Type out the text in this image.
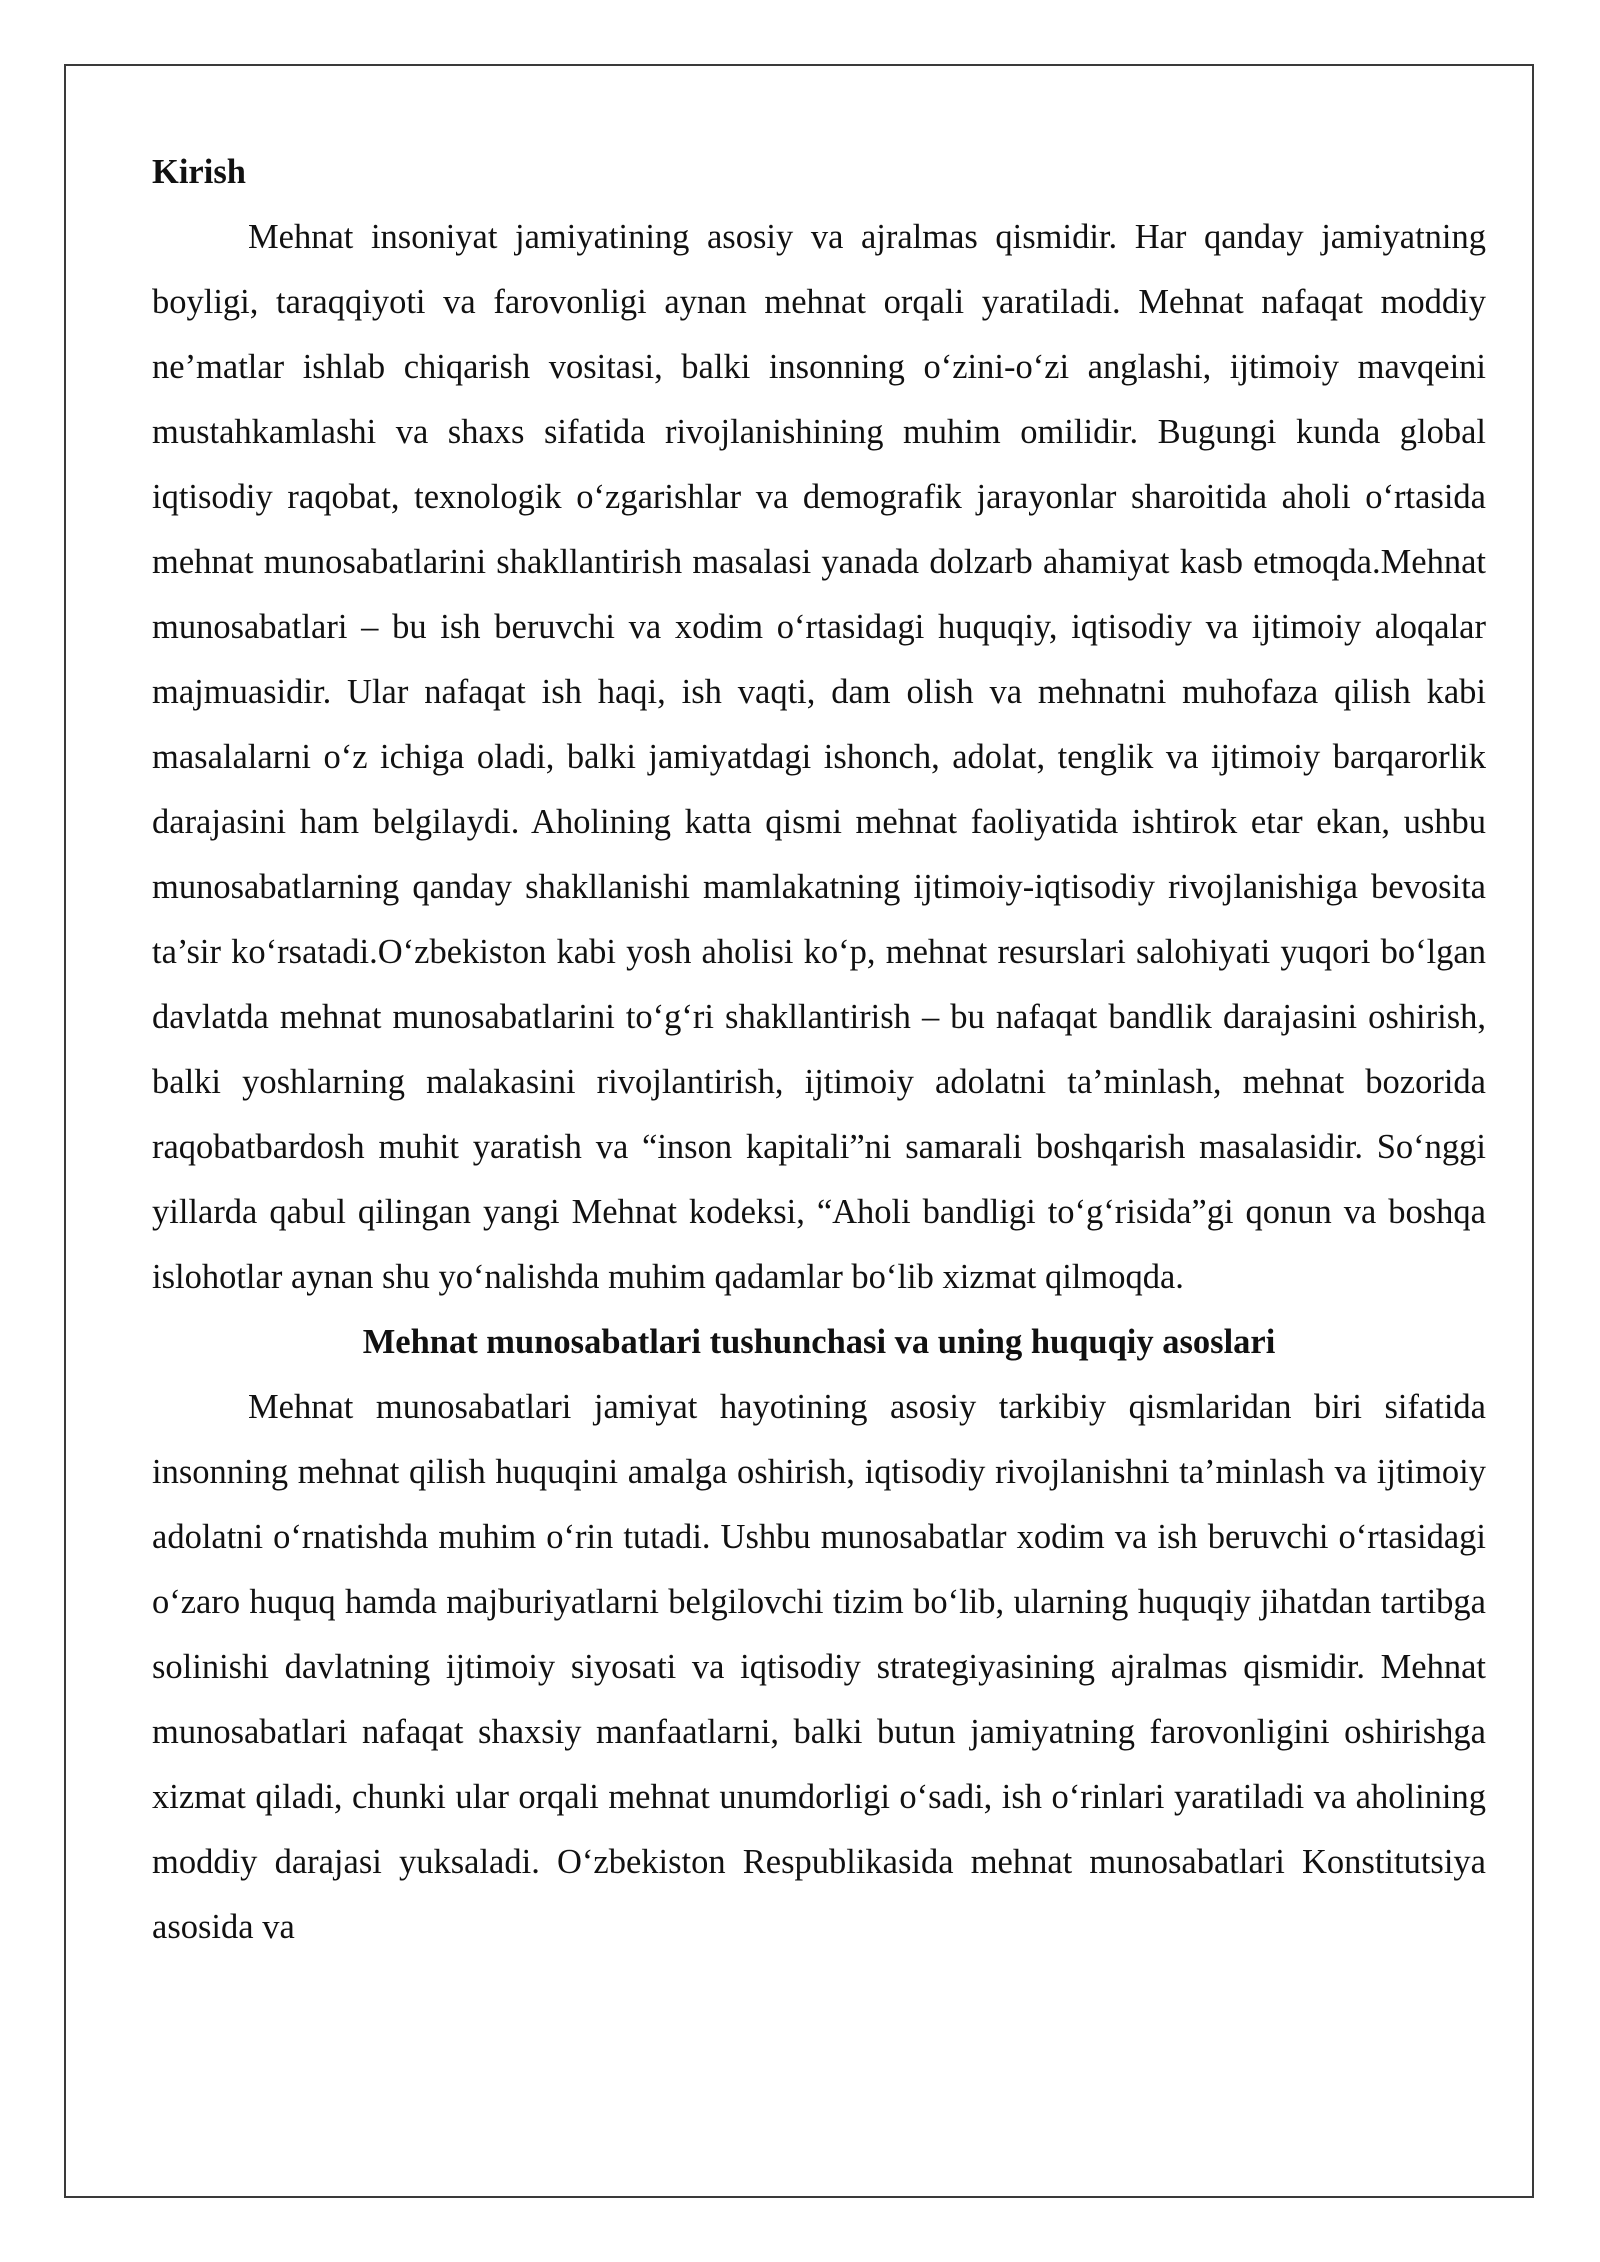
Kirish

Mehnat insoniyat jamiyatining asosiy va ajralmas qismidir. Har qanday jamiyatning boyligi, taraqqiyoti va farovonligi aynan mehnat orqali yaratiladi. Mehnat nafaqat moddiy ne’matlar ishlab chiqarish vositasi, balki insonning o‘zini-o‘zi anglashi, ijtimoiy mavqeini mustahkamlashi va shaxs sifatida rivojlanishining muhim omilidir. Bugungi kunda global iqtisodiy raqobat, texnologik o‘zgarishlar va demografik jarayonlar sharoitida aholi o‘rtasida mehnat munosabatlarini shakllantirish masalasi yanada dolzarb ahamiyat kasb etmoqda.Mehnat munosabatlari – bu ish beruvchi va xodim o‘rtasidagi huquqiy, iqtisodiy va ijtimoiy aloqalar majmuasidir. Ular nafaqat ish haqi, ish vaqti, dam olish va mehnatni muhofaza qilish kabi masalalarni o‘z ichiga oladi, balki jamiyatdagi ishonch, adolat, tenglik va ijtimoiy barqarorlik darajasini ham belgilaydi. Aholining katta qismi mehnat faoliyatida ishtirok etar ekan, ushbu munosabatlarning qanday shakllanishi mamlakatning ijtimoiy-iqtisodiy rivojlanishiga bevosita ta’sir ko‘rsatadi.O‘zbekiston kabi yosh aholisi ko‘p, mehnat resurslari salohiyati yuqori bo‘lgan davlatda mehnat munosabatlarini to‘g‘ri shakllantirish – bu nafaqat bandlik darajasini oshirish, balki yoshlarning malakasini rivojlantirish, ijtimoiy adolatni ta’minlash, mehnat bozorida raqobatbardosh muhit yaratish va “inson kapitali”ni samarali boshqarish masalasidir. So‘nggi yillarda qabul qilingan yangi Mehnat kodeksi, “Aholi bandligi to‘g‘risida”gi qonun va boshqa islohotlar aynan shu yo‘nalishda muhim qadamlar bo‘lib xizmat qilmoqda.

Mehnat munosabatlari tushunchasi va uning huquqiy asoslari

Mehnat munosabatlari jamiyat hayotining asosiy tarkibiy qismlaridan biri sifatida insonning mehnat qilish huquqini amalga oshirish, iqtisodiy rivojlanishni ta’minlash va ijtimoiy adolatni o‘rnatishda muhim o‘rin tutadi. Ushbu munosabatlar xodim va ish beruvchi o‘rtasidagi o‘zaro huquq hamda majburiyatlarni belgilovchi tizim bo‘lib, ularning huquqiy jihatdan tartibga solinishi davlatning ijtimoiy siyosati va iqtisodiy strategiyasining ajralmas qismidir. Mehnat munosabatlari nafaqat shaxsiy manfaatlarni, balki butun jamiyatning farovonligini oshirishga xizmat qiladi, chunki ular orqali mehnat unumdorligi o‘sadi, ish o‘rinlari yaratiladi va aholining moddiy darajasi yuksaladi. O‘zbekiston Respublikasida mehnat munosabatlari Konstitutsiya asosida va
